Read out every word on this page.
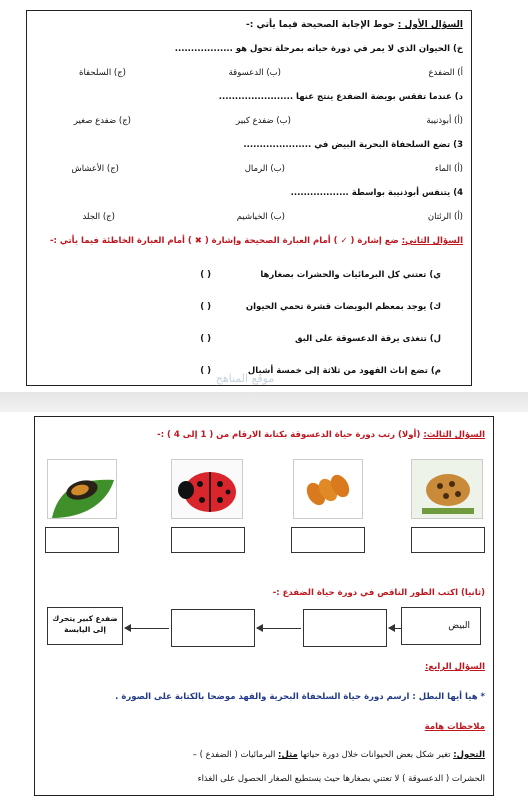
السؤال الأول : حوط الإجابة الصحيحة فيما يأتي :-
خ) الحيوان الذي لا يمر في دورة حياته بمرحلة تحول هو ..................
أ) الضفدع
(ب) الدعسوقة
(ج) السلحفاة
د) عندما تفقس بويضة الضفدع ينتج عنها .......................
(أ) أبوذنيبة
(ب) ضفدع كبير
(ج) ضفدع صغير
3) تضع السلحفاة البحرية البيض في .....................
(أ) الماء
(ب) الرمال
(ج) الأعشاش
4) يتنفس أبوذنيبة بواسطة ..................
(أ) الرئتان
(ب) الخياشيم
(ج) الجلد
السؤال الثاني: ضع إشارة ( ✓ ) أمام العبارة الصحيحة وإشارة ( ✖ ) أمام العبارة الخاطئة فيما يأتي :-
ي) تعتني كل البرمائيات والحشرات بصغارها
( )
ك) يوجد بمعظم البويضات قشرة تحمي الحيوان
( )
ل) تتغذى يرقة الدعسوقة على البق
( )
م) تضع إناث الفهود من ثلاثة إلى خمسة أشبال
( )
موقع المناهج
السؤال الثالث: (أولا) رتب دورة حياة الدعسوقة بكتابة الارقام من ( 1 إلى 4 ) :-
(ثانيا) اكتب الطور الناقص في دورة حياة الضفدع :-
ضفدع كبير يتحرك إلى اليابسة	البيض
السؤال الرابع:
* هيا أيها البطل : ارسم دورة حياة السلحفاة البحرية والفهد موضحا بالكتابة على الصورة .
ملاحظات هامة
التحول: تغير شكل بعض الحيوانات خلال دورة حياتها مثل: البرمائيات ( الضفدع ) –
الحشرات ( الدعسوقة ) لا تعتني بصغارها حيث يستطيع الصغار الحصول على الغذاء
